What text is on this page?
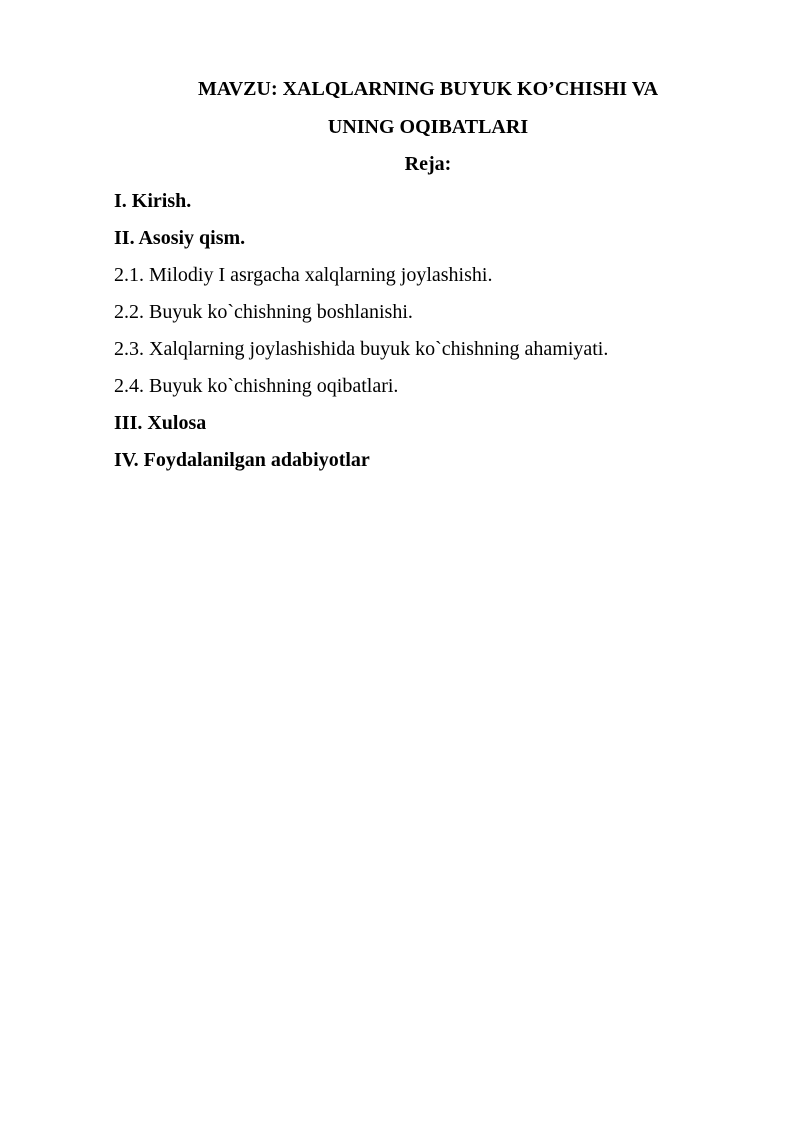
MAVZU: XALQLARNING BUYUK KO’CHISHI VA
UNING OQIBATLARI
Reja:
I. Kirish.
II. Asosiy qism.
2.1. Milodiy I asrgacha xalqlarning joylashishi.
2.2. Buyuk ko`chishning boshlanishi.
2.3. Xalqlarning joylashishida buyuk ko`chishning ahamiyati.
2.4. Buyuk ko`chishning oqibatlari.
III. Xulosa
IV. Foydalanilgan adabiyotlar
